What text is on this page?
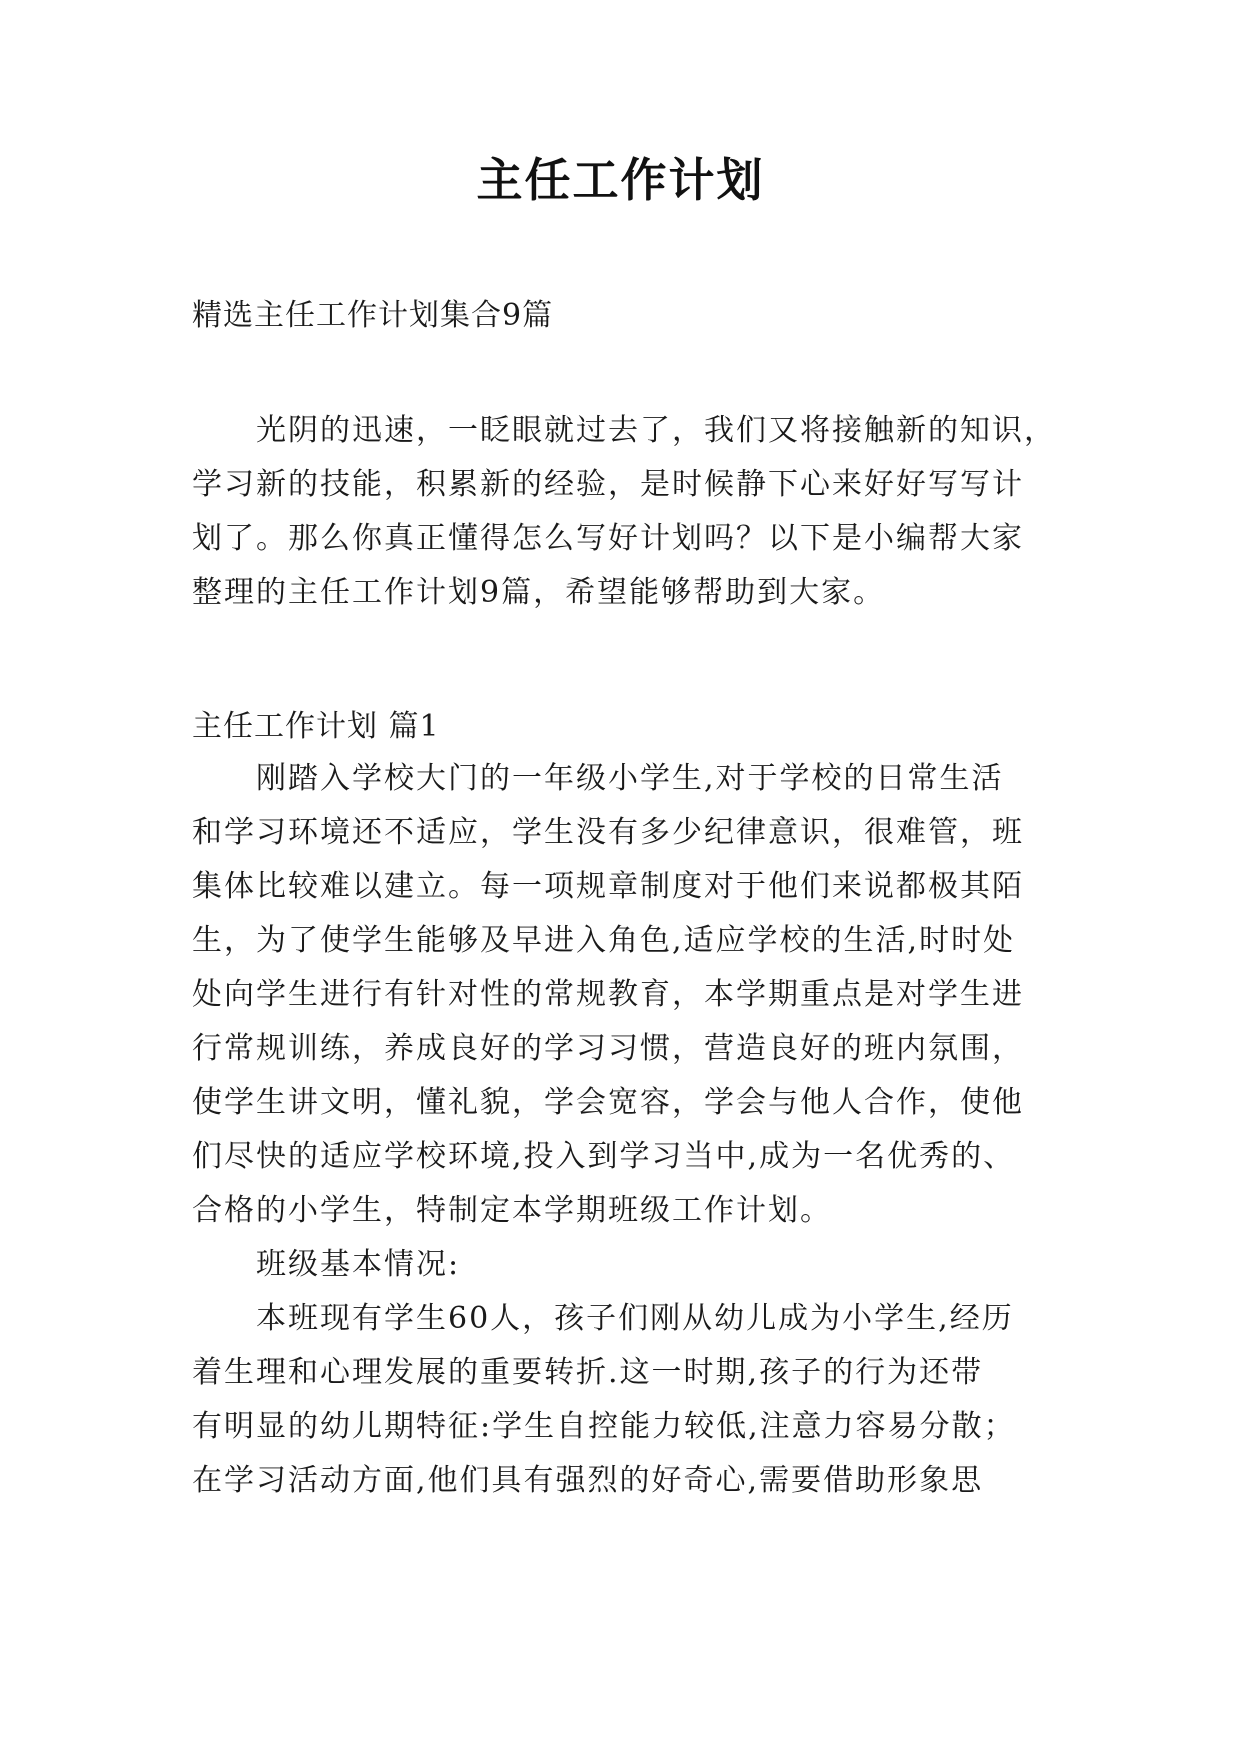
主任工作计划

精选主任工作计划集合9篇

光阴的迅速，一眨眼就过去了，我们又将接触新的知识，
学习新的技能，积累新的经验，是时候静下心来好好写写计
划了。那么你真正懂得怎么写好计划吗？以下是小编帮大家
整理的主任工作计划9篇，希望能够帮助到大家。

主任工作计划 篇1

刚踏入学校大门的一年级小学生,对于学校的日常生活
和学习环境还不适应，学生没有多少纪律意识，很难管，班
集体比较难以建立。每一项规章制度对于他们来说都极其陌
生，为了使学生能够及早进入角色,适应学校的生活,时时处
处向学生进行有针对性的常规教育，本学期重点是对学生进
行常规训练，养成良好的学习习惯，营造良好的班内氛围，
使学生讲文明，懂礼貌，学会宽容，学会与他人合作，使他
们尽快的适应学校环境,投入到学习当中,成为一名优秀的、
合格的小学生，特制定本学期班级工作计划。
班级基本情况:
本班现有学生60人，孩子们刚从幼儿成为小学生,经历
着生理和心理发展的重要转折.这一时期,孩子的行为还带
有明显的幼儿期特征:学生自控能力较低,注意力容易分散；
在学习活动方面,他们具有强烈的好奇心,需要借助形象思
